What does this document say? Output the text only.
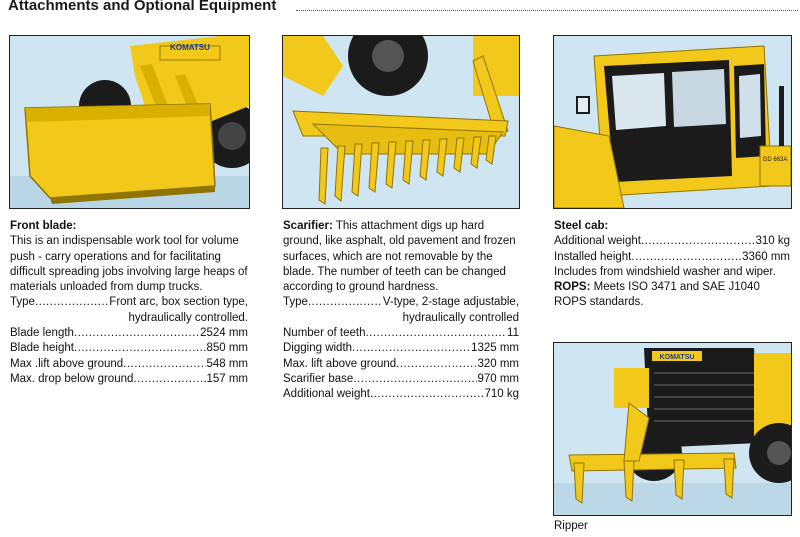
Attachments and Optional Equipment
KOMATSU
GD 663A
KOMATSU
Ripper

Front blade:

This is an indispensable work tool for volume push - carry operations and for facilitating difficult spreading jobs involving large heaps of materials unloaded from dump trucks.

Type .....	Front arc, box section type,

hydraulically controlled.

Blade length .....	2524 mm
Blade height .....	850 mm
Max .lift above ground .....	548 mm
Max. drop below ground .....	157 mm

Scarifier: This attachment digs up hard ground, like asphalt, old pavement and frozen surfaces, which are not removable by the blade. The number of teeth can be changed according to ground hardness.

Type .....	V-type, 2-stage adjustable,

hydraulically controlled

Number of teeth .....	11
Digging width .....	1325 mm
Max. lift above ground .....	320 mm
Scarifier base .....	970 mm
Additional weight .....	710 kg

Steel cab:

Additional weight .....	310 kg
Installed height .....	3360 mm

Includes from windshield washer and wiper.

ROPS: Meets ISO 3471 and SAE J1040 ROPS standards.
